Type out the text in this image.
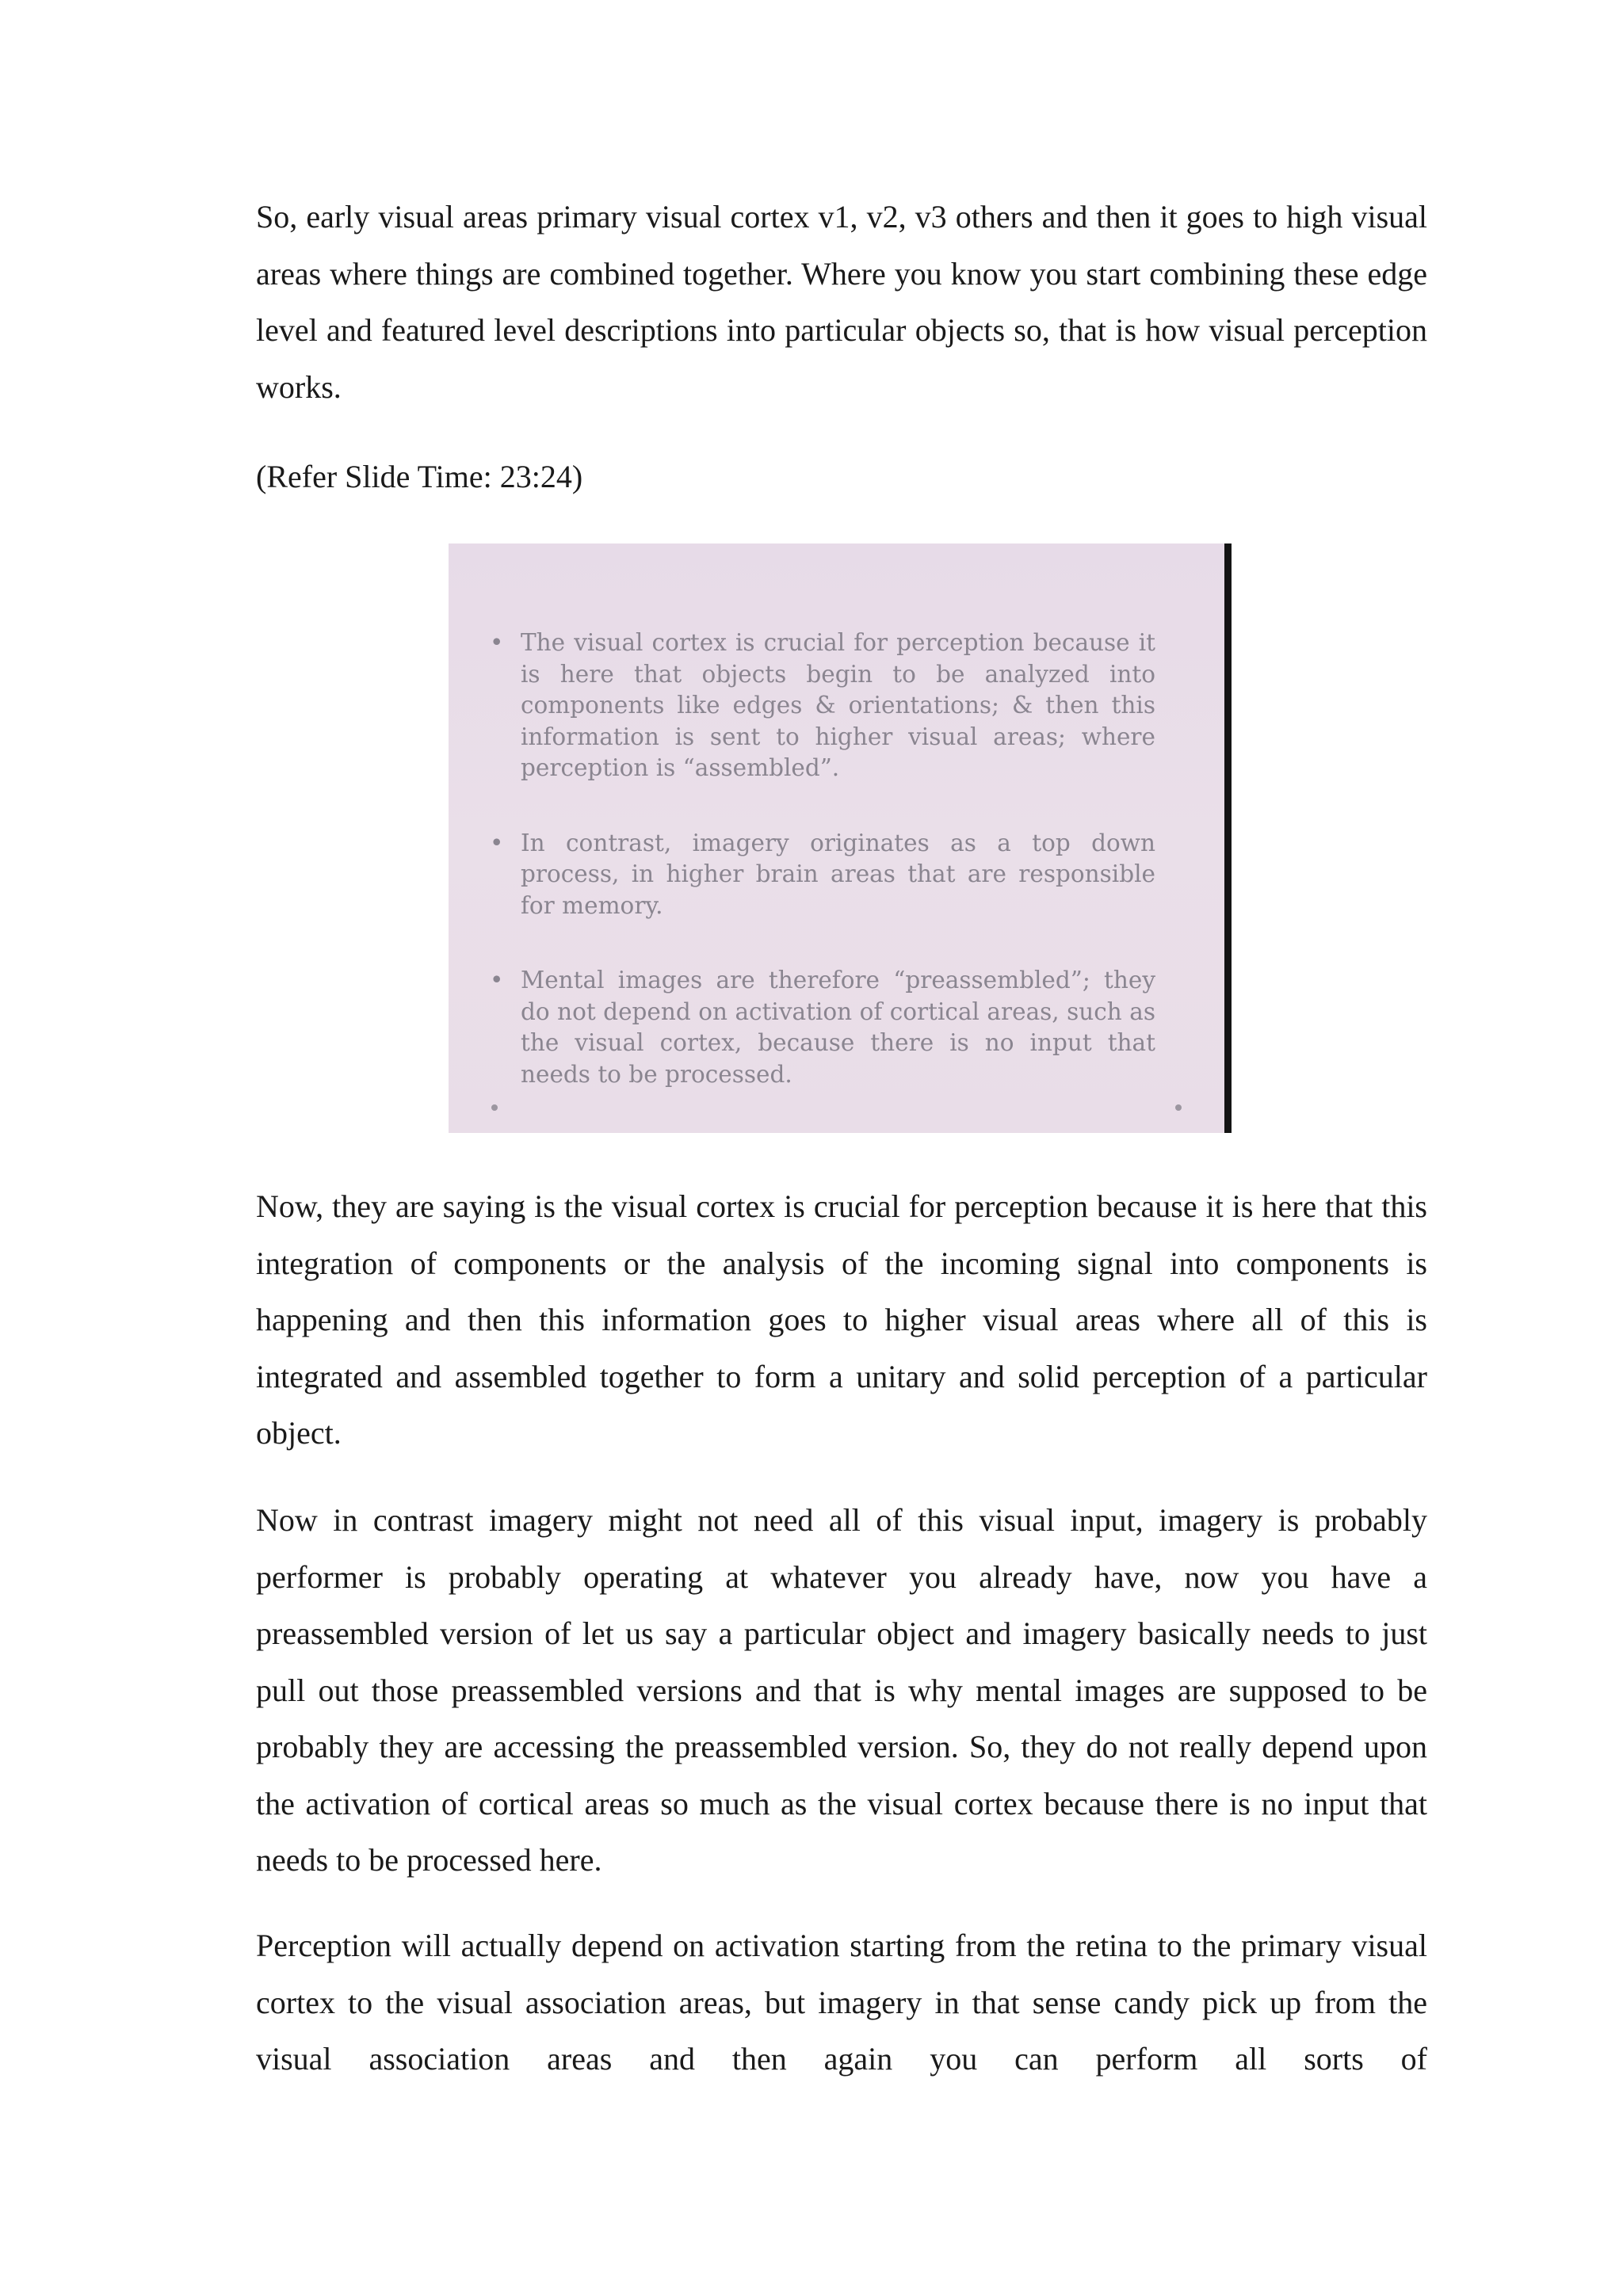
So, early visual areas primary visual cortex v1, v2, v3 others and then it goes to high visual areas where things are combined together. Where you know you start combining these edge level and featured level descriptions into particular objects so, that is how visual perception works.

(Refer Slide Time: 23:24)

• The visual cortex is crucial for perception because it is here that objects begin to be analyzed into components like edges & orientations; & then this information is sent to higher visual areas; where perception is “assembled”.
• In contrast, imagery originates as a top down process, in higher brain areas that are responsible for memory.
• Mental images are therefore “preassembled”; they do not depend on activation of cortical areas, such as the visual cortex, because there is no input that needs to be processed.

Now, they are saying is the visual cortex is crucial for perception because it is here that this integration of components or the analysis of the incoming signal into components is happening and then this information goes to higher visual areas where all of this is integrated and assembled together to form a unitary and solid perception of a particular object.

Now in contrast imagery might not need all of this visual input, imagery is probably performer is probably operating at whatever you already have, now you have a preassembled version of let us say a particular object and imagery basically needs to just pull out those preassembled versions and that is why mental images are supposed to be probably they are accessing the preassembled version. So, they do not really depend upon the activation of cortical areas so much as the visual cortex because there is no input that needs to be processed here.

Perception will actually depend on activation starting from the retina to the primary visual cortex to the visual association areas, but imagery in that sense candy pick up from the visual association areas and then again you can perform all sorts of
